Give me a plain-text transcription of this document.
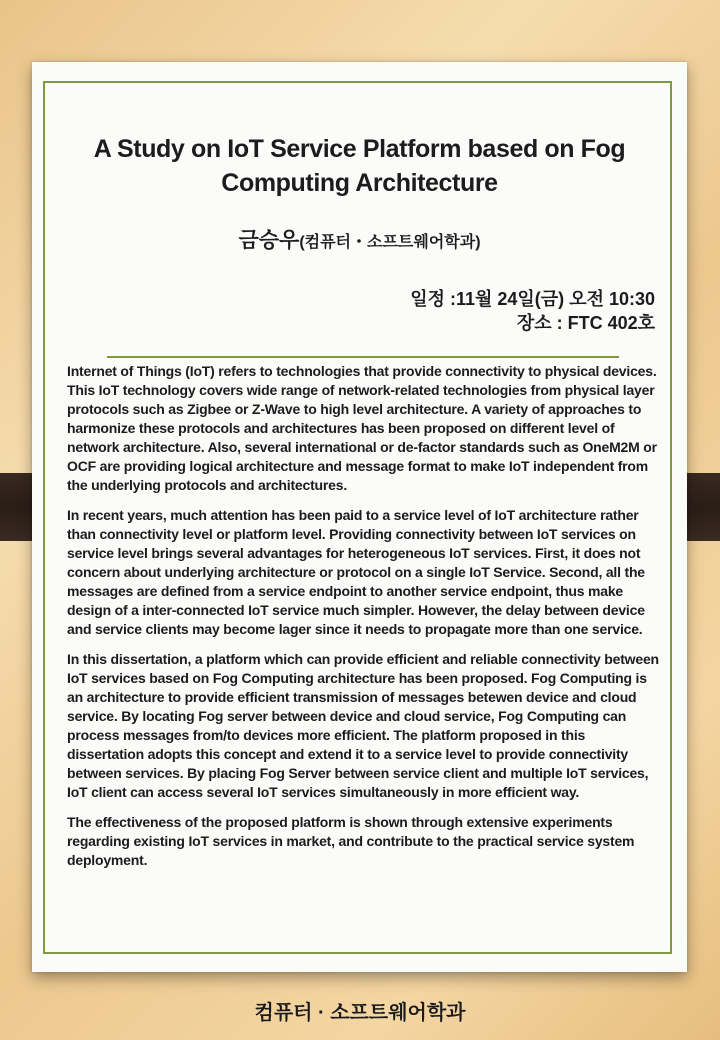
A Study on IoT Service Platform based on Fog Computing Architecture
금승우(컴퓨터・소프트웨어학과)
일정 :11월 24일(금) 오전 10:30
장소 : FTC 402호

Internet of Things (IoT) refers to technologies that provide connectivity to physical devices. This IoT technology covers wide range of network-related technologies from physical layer protocols such as Zigbee or Z-Wave to high level architecture. A variety of approaches to harmonize these protocols and architectures has been proposed on different level of network architecture. Also, several international or de-factor standards such as OneM2M or OCF are providing logical architecture and message format to make IoT independent from the underlying protocols and architectures.

In recent years, much attention has been paid to a service level of IoT architecture rather than connectivity level or platform level. Providing connectivity between IoT services on service level brings several advantages for heterogeneous IoT services. First, it does not concern about underlying architecture or protocol on a single IoT Service. Second, all the messages are defined from a service endpoint to another service endpoint, thus make design of a inter-connected IoT service much simpler. However, the delay between device and service clients may become lager since it needs to propagate more than one service.

In this dissertation, a platform which can provide efficient and reliable connectivity between IoT services based on Fog Computing architecture has been proposed. Fog Computing is an architecture to provide efficient transmission of messages betewen device and cloud service. By locating Fog server between device and cloud service, Fog Computing can process messages from/to devices more efficient. The platform proposed in this dissertation adopts this concept and extend it to a service level to provide connectivity between services. By placing Fog Server between service client and multiple IoT services, IoT client can access several IoT services simultaneously in more efficient way.

The effectiveness of the proposed platform is shown through extensive experiments regarding existing IoT services in market, and contribute to the practical service system deployment.

컴퓨터 · 소프트웨어학과
